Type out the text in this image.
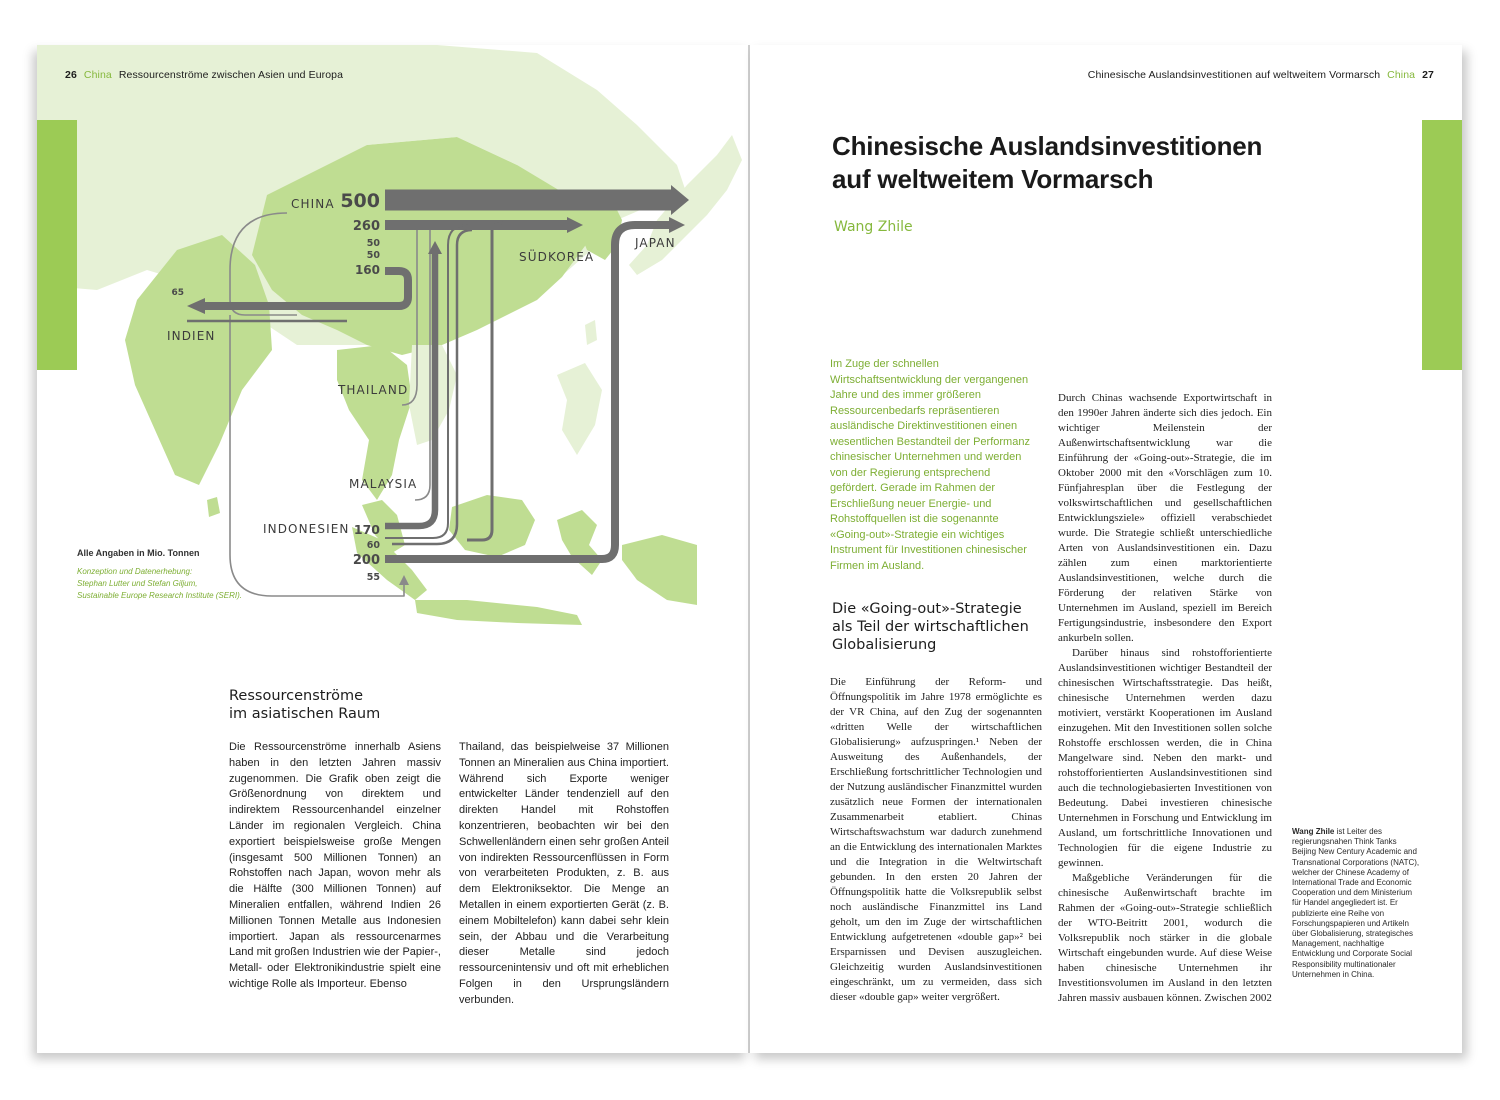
CHINA
SÜDKOREA
JAPAN
INDIEN
THAILAND
MALAYSIA
INDONESIEN
500
260
50
50
160
65
170
60
200
55
26 China Ressourcenströme zwischen Asien und Europa
Alle Angaben in Mio. Tonnen
Konzeption und Datenerhebung:
Stephan Lutter und Stefan Giljum,
Sustainable Europe Research Institute (SERI).
Ressourcenströme
im asiatischen Raum

Die Ressourcenströme innerhalb Asiens haben in den letzten Jahren massiv zugenommen. Die Grafik oben zeigt die Größenordnung von direktem und indirektem Ressourcenhandel einzelner Länder im regionalen Vergleich. China exportiert beispielsweise große Mengen (insgesamt 500 Millionen Tonnen) an Rohstoffen nach Japan, wovon mehr als die Hälfte (300 Millionen Tonnen) auf Mineralien entfallen, während Indien 26 Millionen Tonnen Metalle aus Indonesien importiert. Japan als ressourcenarmes Land mit großen Industrien wie der Papier-, Metall- oder Elektronikindustrie spielt eine wichtige Rolle als Importeur. Ebenso

Thailand, das beispielweise 37 Millionen Tonnen an Mineralien aus China importiert. Während sich Exporte weniger entwickelter Länder tendenziell auf den direkten Handel mit Rohstoffen konzentrieren, beobachten wir bei den Schwellenländern einen sehr großen Anteil von indirekten Ressourcenflüssen in Form von verarbeiteten Produkten, z. B. aus dem Elektroniksektor. Die Menge an Metallen in einem exportierten Gerät (z. B. einem Mobiltelefon) kann dabei sehr klein sein, der Abbau und die Verarbeitung dieser Metalle sind jedoch ressourcenintensiv und oft mit erheblichen Folgen in den Ursprungsländern verbunden.

Chinesische Auslandsinvestitionen auf weltweitem Vormarsch China 27
Chinesische Auslandsinvestitionen
auf weltweitem Vormarsch
Wang Zhile

Im Zuge der schnellen Wirtschaftsentwicklung der vergangenen Jahre und des immer größeren Ressourcenbedarfs repräsentieren ausländische Direktinvestitionen einen wesentlichen Bestandteil der Performanz chinesischer Unternehmen und werden von der Regierung entsprechend gefördert. Gerade im Rahmen der Erschließung neuer Energie- und Rohstoffquellen ist die sogenannte «Going-out»-Strategie ein wichtiges Instrument für Investitionen chinesischer Firmen im Ausland.

Die «Going-out»-Strategie
als Teil der wirtschaftlichen
Globalisierung

Die Einführung der Reform- und Öffnungspolitik im Jahre 1978 ermöglichte es der VR China, auf den Zug der sogenannten «dritten Welle der wirtschaftlichen Globalisierung» aufzuspringen.¹ Neben der Ausweitung des Außenhandels, der Erschließung fortschrittlicher Technologien und der Nutzung ausländischer Finanzmittel wurden zusätzlich neue Formen der internationalen Zusammenarbeit etabliert. Chinas Wirtschaftswachstum war dadurch zunehmend an die Entwicklung des internationalen Marktes und die Integration in die Weltwirtschaft gebunden. In den ersten 20 Jahren der Öffnungspolitik hatte die Volksrepublik selbst noch ausländische Finanzmittel ins Land geholt, um den im Zuge der wirtschaftlichen Entwicklung aufgetretenen «double gap»² bei Ersparnissen und Devisen auszugleichen. Gleichzeitig wurden Auslandsinvestitionen eingeschränkt, um zu vermeiden, dass sich dieser «double gap» weiter vergrößert.

Durch Chinas wachsende Exportwirtschaft in den 1990er Jahren änderte sich dies jedoch. Ein wichtiger Meilenstein der Außenwirtschaftsentwicklung war die Einführung der «Going-out»-Strategie, die im Oktober 2000 mit den «Vorschlägen zum 10. Fünfjahresplan über die Festlegung der volkswirtschaftlichen und gesellschaftlichen Entwicklungsziele» offiziell verabschiedet wurde. Die Strategie schließt unterschiedliche Arten von Auslandsinvestitionen ein. Dazu zählen zum einen marktorientierte Auslandsinvestitionen, welche durch die Förderung der relativen Stärke von Unternehmen im Ausland, speziell im Bereich Fertigungsindustrie, insbesondere den Export ankurbeln sollen.
Darüber hinaus sind rohstofforientierte Auslandsinvestitionen wichtiger Bestandteil der chinesischen Wirtschaftsstrategie. Das heißt, chinesische Unternehmen werden dazu motiviert, verstärkt Kooperationen im Ausland einzugehen. Mit den Investitionen sollen solche Rohstoffe erschlossen werden, die in China Mangelware sind. Neben den markt- und rohstofforientierten Auslandsinvestitionen sind auch die technologiebasierten Investitionen von Bedeutung. Dabei investieren chinesische Unternehmen in Forschung und Entwicklung im Ausland, um fortschrittliche Innovationen und Technologien für die eigene Industrie zu gewinnen.
Maßgebliche Veränderungen für die chinesische Außenwirtschaft brachte im Rahmen der «Going-out»-Strategie schließlich der WTO-Beitritt 2001, wodurch die Volksrepublik noch stärker in die globale Wirtschaft eingebunden wurde. Auf diese Weise haben chinesische Unternehmen ihr Investitionsvolumen im Ausland in den letzten Jahren massiv ausbauen können. Zwischen 2002

Wang Zhile ist Leiter des regierungsnahen Think Tanks Beijing New Century Academic and Transnational Corporations (NATC), welcher der Chinese Academy of International Trade and Economic Cooperation und dem Ministerium für Handel angegliedert ist. Er publizierte eine Reihe von Forschungspapieren und Artikeln über Globalisierung, strategisches Management, nachhaltige Entwicklung und Corporate Social Responsibility multinationaler Unternehmen in China.
